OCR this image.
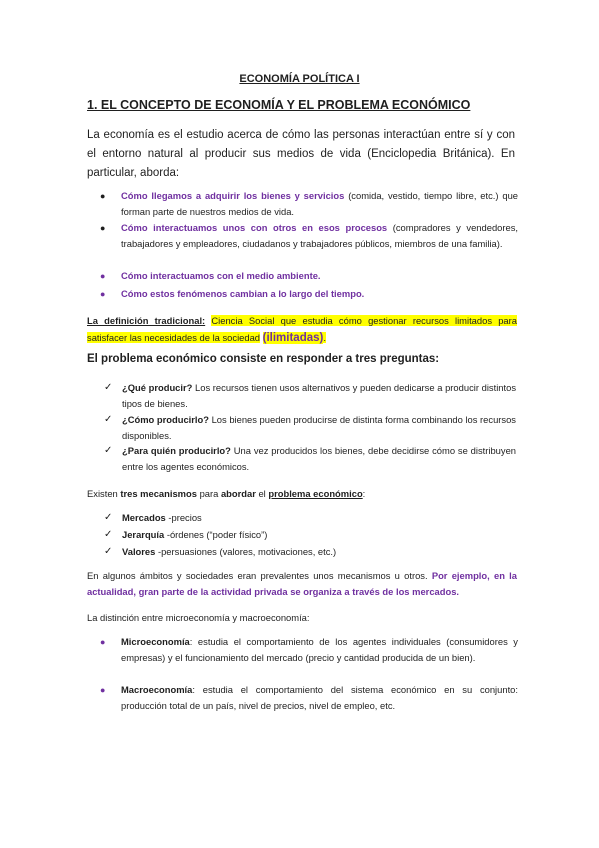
ECONOMÍA POLÍTICA I
1. EL CONCEPTO DE ECONOMÍA Y EL PROBLEMA ECONÓMICO
La economía es el estudio acerca de cómo las personas interactúan entre sí y con el entorno natural al producir sus medios de vida (Enciclopedia Británica). En particular, aborda:
● Cómo llegamos a adquirir los bienes y servicios (comida, vestido, tiempo libre, etc.) que forman parte de nuestros medios de vida.
● Cómo interactuamos unos con otros en esos procesos (compradores y vendedores, trabajadores y empleadores, ciudadanos y trabajadores públicos, miembros de una familia).
● Cómo interactuamos con el medio ambiente.
● Cómo estos fenómenos cambian a lo largo del tiempo.
La definición tradicional: Ciencia Social que estudia cómo gestionar recursos limitados para satisfacer las necesidades de la sociedad (ilimitadas).
El problema económico consiste en responder a tres preguntas:
✓ ¿Qué producir? Los recursos tienen usos alternativos y pueden dedicarse a producir distintos tipos de bienes.
✓ ¿Cómo producirlo? Los bienes pueden producirse de distinta forma combinando los recursos disponibles.
✓ ¿Para quién producirlo? Una vez producidos los bienes, debe decidirse cómo se distribuyen entre los agentes económicos.
Existen tres mecanismos para abordar el problema económico:
✓ Mercados -precios
✓ Jerarquía -órdenes (“poder físico”)
✓ Valores -persuasiones (valores, motivaciones, etc.)
En algunos ámbitos y sociedades eran prevalentes unos mecanismos u otros. Por ejemplo, en la actualidad, gran parte de la actividad privada se organiza a través de los mercados.
La distinción entre microeconomía y macroeconomía:
● Microeconomía: estudia el comportamiento de los agentes individuales (consumidores y empresas) y el funcionamiento del mercado (precio y cantidad producida de un bien).
● Macroeconomía: estudia el comportamiento del sistema económico en su conjunto: producción total de un país, nivel de precios, nivel de empleo, etc.
